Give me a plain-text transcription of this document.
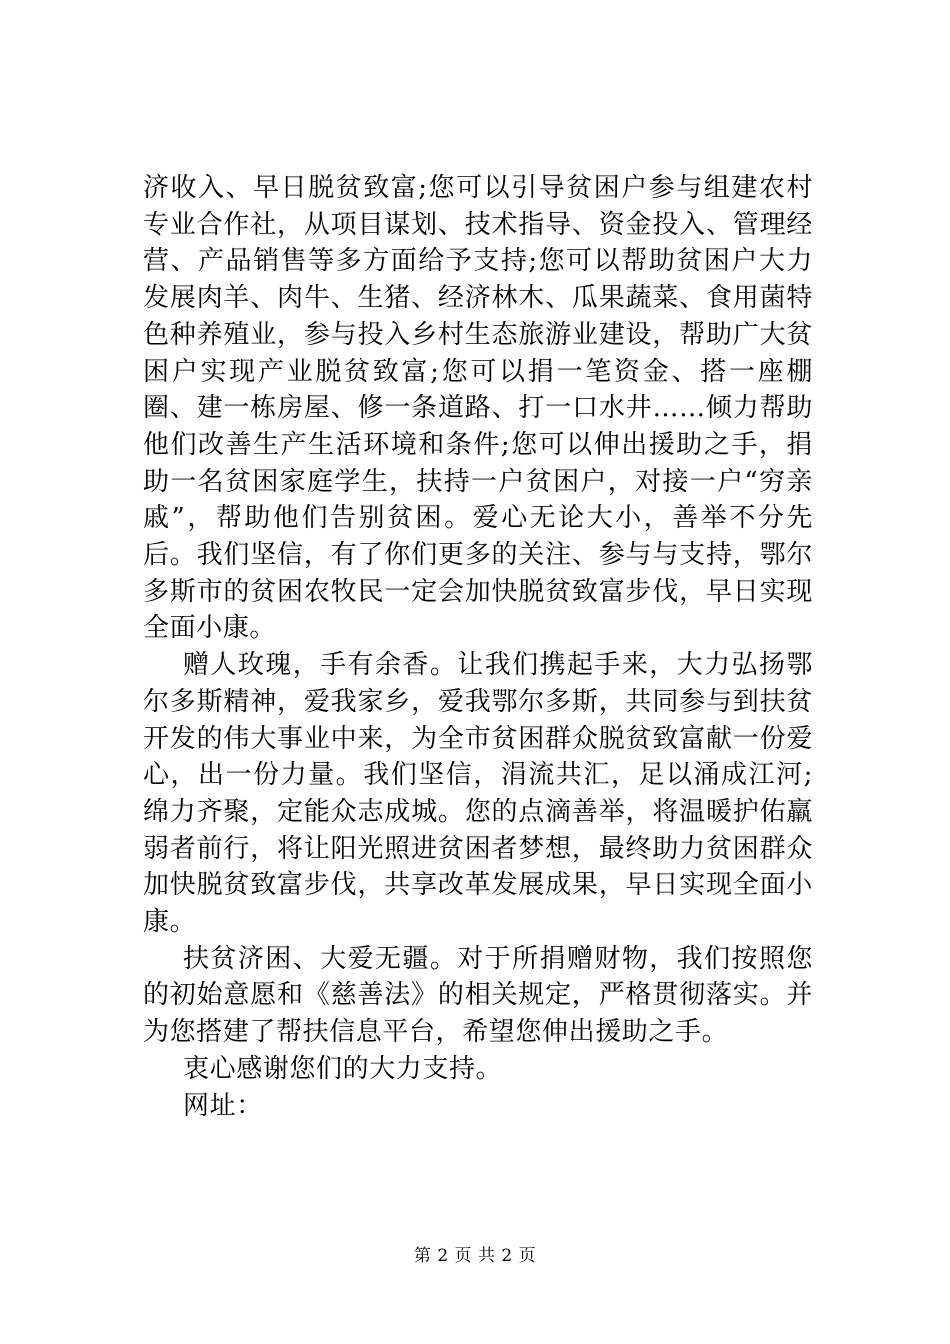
济收入、早日脱贫致富;您可以引导贫困户参与组建农村专业合作社，从项目谋划、技术指导、资金投入、管理经营、产品销售等多方面给予支持;您可以帮助贫困户大力发展肉羊、肉牛、生猪、经济林木、瓜果蔬菜、食用菌特色种养殖业，参与投入乡村生态旅游业建设，帮助广大贫困户实现产业脱贫致富;您可以捐一笔资金、搭一座棚圈、建一栋房屋、修一条道路、打一口水井……倾力帮助他们改善生产生活环境和条件;您可以伸出援助之手，捐助一名贫困家庭学生，扶持一户贫困户，对接一户“穷亲戚”，帮助他们告别贫困。爱心无论大小，善举不分先后。我们坚信，有了你们更多的关注、参与与支持，鄂尔多斯市的贫困农牧民一定会加快脱贫致富步伐，早日实现全面小康。

赠人玫瑰，手有余香。让我们携起手来，大力弘扬鄂尔多斯精神，爱我家乡，爱我鄂尔多斯，共同参与到扶贫开发的伟大事业中来，为全市贫困群众脱贫致富献一份爱心，出一份力量。我们坚信，涓流共汇，足以涌成江河;绵力齐聚，定能众志成城。您的点滴善举，将温暖护佑羸弱者前行，将让阳光照进贫困者梦想，最终助力贫困群众加快脱贫致富步伐，共享改革发展成果，早日实现全面小康。

扶贫济困、大爱无疆。对于所捐赠财物，我们按照您的初始意愿和《慈善法》的相关规定，严格贯彻落实。并为您搭建了帮扶信息平台，希望您伸出援助之手。

衷心感谢您们的大力支持。

网址：

第 2 页 共 2 页
